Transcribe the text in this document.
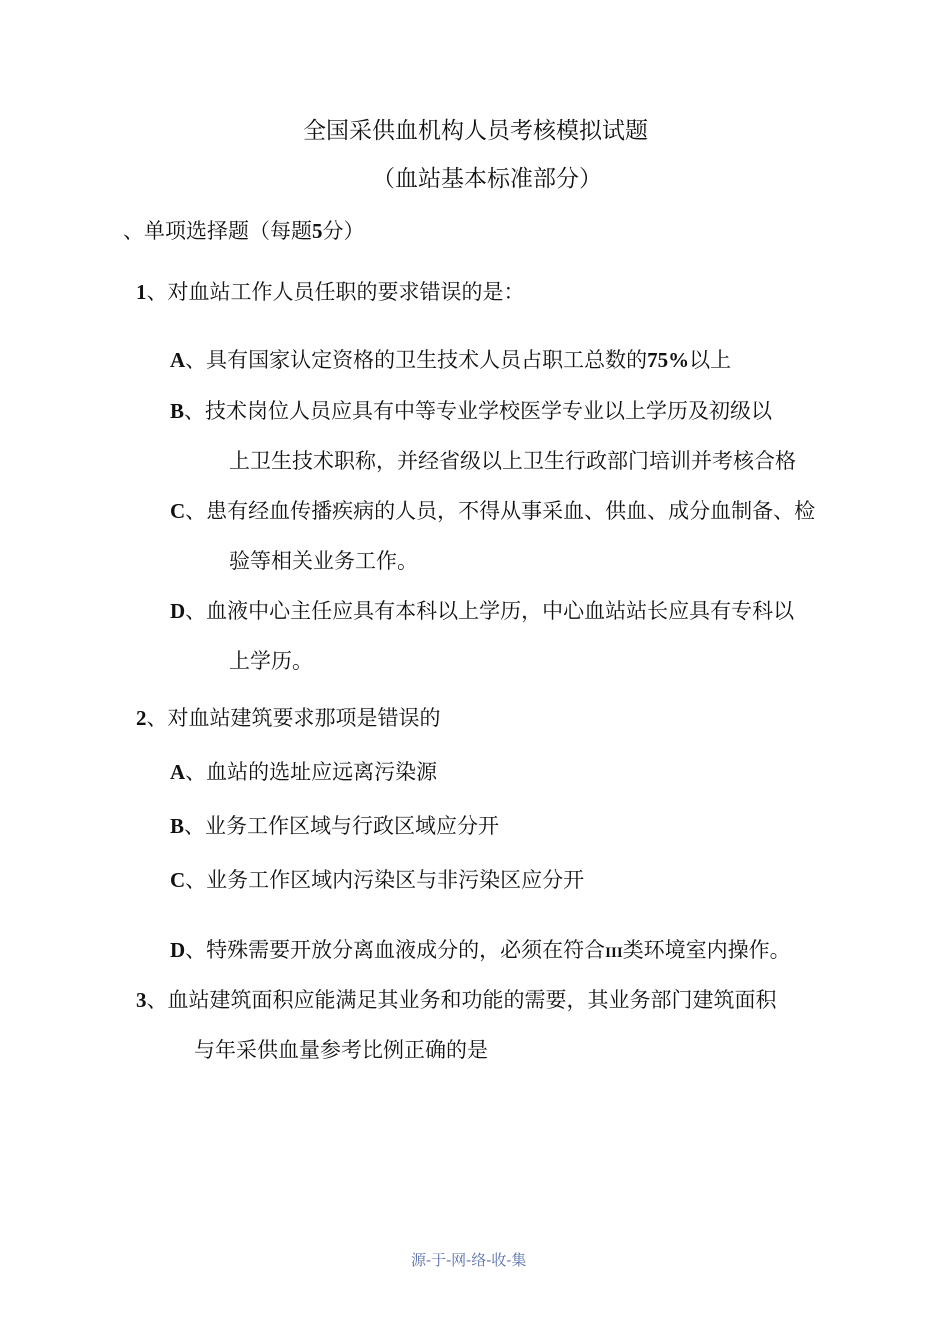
全国采供血机构人员考核模拟试题
（血站基本标准部分）
、单项选择题（每题5分）
1、对血站工作人员任职的要求错误的是：
A、具有国家认定资格的卫生技术人员占职工总数的75%以上
B、技术岗位人员应具有中等专业学校医学专业以上学历及初级以
上卫生技术职称，并经省级以上卫生行政部门培训并考核合格
C、患有经血传播疾病的人员，不得从事采血、供血、成分血制备、检
验等相关业务工作。
D、血液中心主任应具有本科以上学历，中心血站站长应具有专科以
上学历。
2、对血站建筑要求那项是错误的
A、血站的选址应远离污染源
B、业务工作区域与行政区域应分开
C、业务工作区域内污染区与非污染区应分开
D、特殊需要开放分离血液成分的，必须在符合III类环境室内操作。
3、血站建筑面积应能满足其业务和功能的需要，其业务部门建筑面积
与年采供血量参考比例正确的是
源-于-网-络-收-集
